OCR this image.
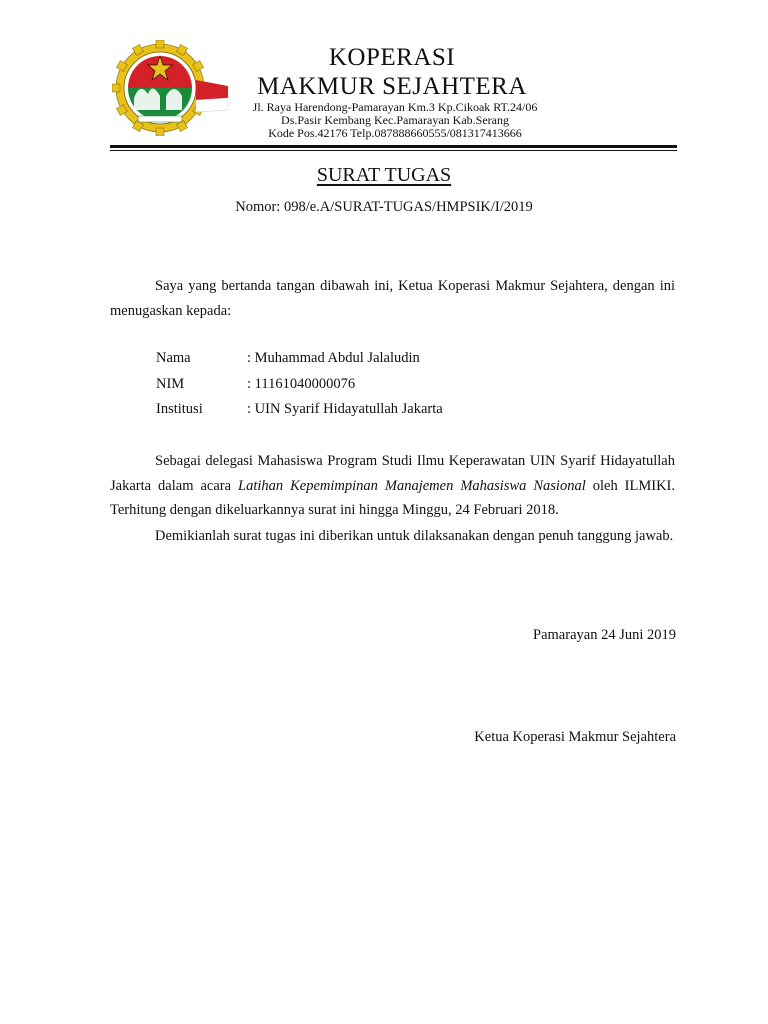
KOPERASI
MAKMUR SEJAHTERA
Jl. Raya Harendong-Pamarayan Km.3 Kp.Cikoak RT.24/06
Ds.Pasir Kembang Kec.Pamarayan Kab.Serang
Kode Pos.42176 Telp.087888660555/081317413666
SURAT TUGAS
Nomor: 098/e.A/SURAT-TUGAS/HMPSIK/I/2019
Saya yang bertanda tangan dibawah ini, Ketua Koperasi Makmur Sejahtera, dengan ini menugaskan kepada:
Nama	: Muhammad Abdul Jalaludin
NIM	: 11161040000076
Institusi	: UIN Syarif Hidayatullah Jakarta
Sebagai delegasi Mahasiswa Program Studi Ilmu Keperawatan UIN Syarif Hidayatullah Jakarta dalam acara Latihan Kepemimpinan Manajemen Mahasiswa Nasional oleh ILMIKI. Terhitung dengan dikeluarkannya surat ini hingga Minggu, 24 Februari 2018.
Demikianlah surat tugas ini diberikan untuk dilaksanakan dengan penuh tanggung jawab.
Pamarayan 24 Juni 2019
Ketua Koperasi Makmur Sejahtera
